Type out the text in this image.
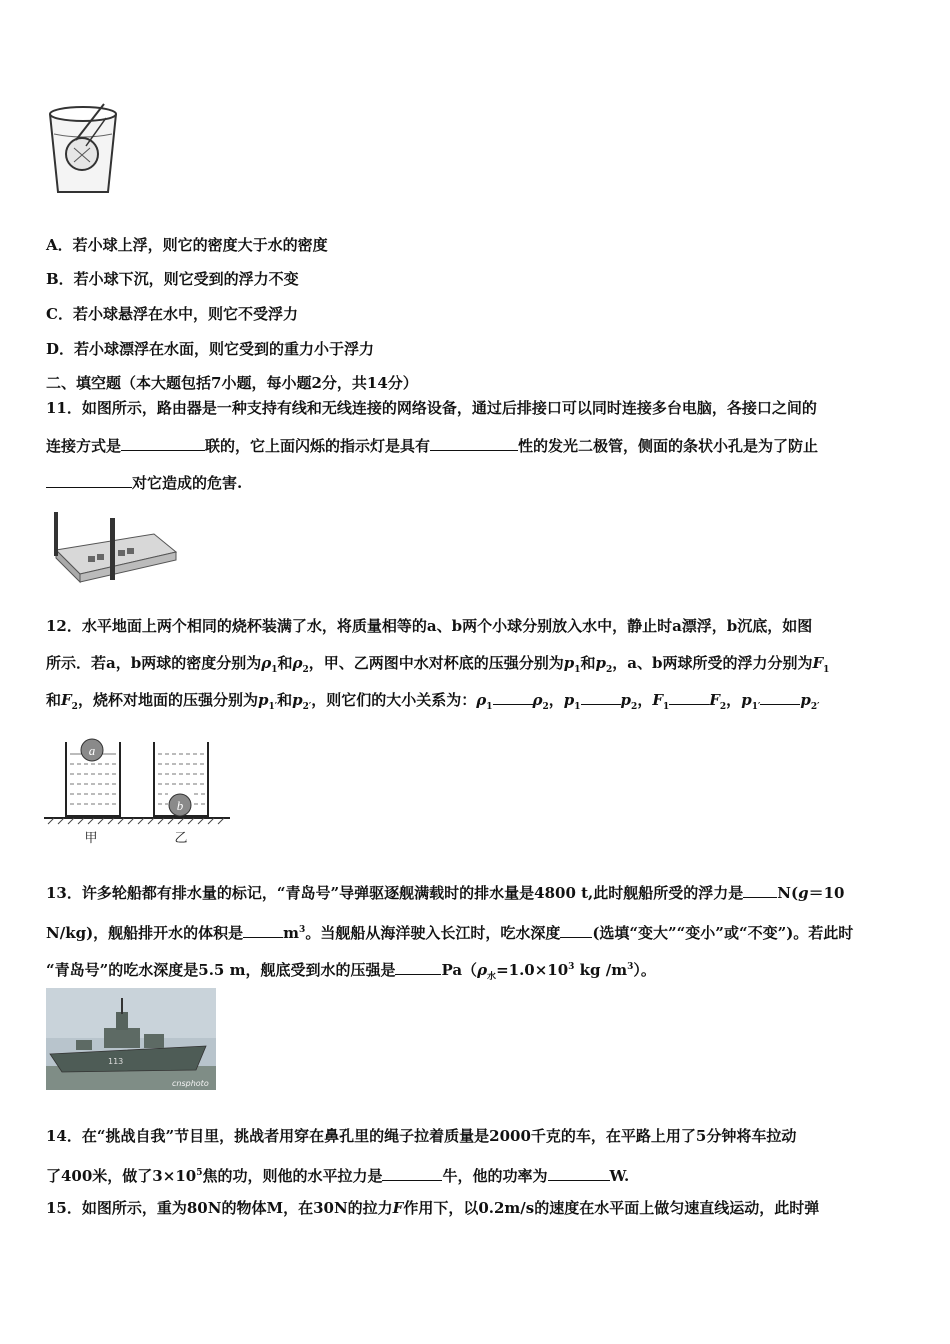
A．若小球上浮，则它的密度大于水的密度
B．若小球下沉，则它受到的浮力不变
C．若小球悬浮在水中，则它不受浮力
D．若小球漂浮在水面，则它受到的重力小于浮力
二、填空题（本大题包括7小题，每小题2分，共14分）
11．如图所示，路由器是一种支持有线和无线连接的网络设备，通过后排接口可以同时连接多台电脑，各接口之间的
连接方式是	联的，它上面闪烁的指示灯是具有	性的发光二极管，侧面的条状小孔是为了防止
对它造成的危害.
12．水平地面上两个相同的烧杯装满了水，将质量相等的a、b两个小球分别放入水中，静止时a漂浮，b沉底，如图
所示．若a，b两球的密度分别为$\rho_1$和$\rho_2$，甲、乙两图中水对杯底的压强分别为$p_1$和$p_2$，a、b两球所受的浮力分别为$F_1$
和$F_2$，烧杯对地面的压强分别为$p_{1'}$和$p_{2'}$，则它们的大小关系为：$\rho_1$	$\rho_2$，$p_1$	$p_2$，$F_1$	$F_2$，$p_{1'}$	$p_{2'}$
a
b
甲	乙
13．许多轮船都有排水量的标记，“青岛号”导弹驱逐舰满载时的排水量是4800 t,此时舰船所受的浮力是 N(g＝10
N/kg)，舰船排开水的体积是	$m^3$。当舰船从海洋驶入长江时，吃水深度 (选填“变大”“变小”或“不变”)。若此时
“青岛号”的吃水深度是5.5 m，舰底受到水的压强是	$Pa(\rho_水=1.0\times 10^3$ kg $/m^3$）。
113
cnsphoto
14．在“挑战自我”节目里，挑战者用穿在鼻孔里的绳子拉着质量是2000千克的车，在平路上用了5分钟将车拉动
了400米，做了$3\times 10^5$焦的功，则他的水平拉力是	牛，他的功率为	W.
15．如图所示，重为80N的物体M，在30N的拉力F作用下，以0.2m/s的速度在水平面上做匀速直线运动，此时弹
